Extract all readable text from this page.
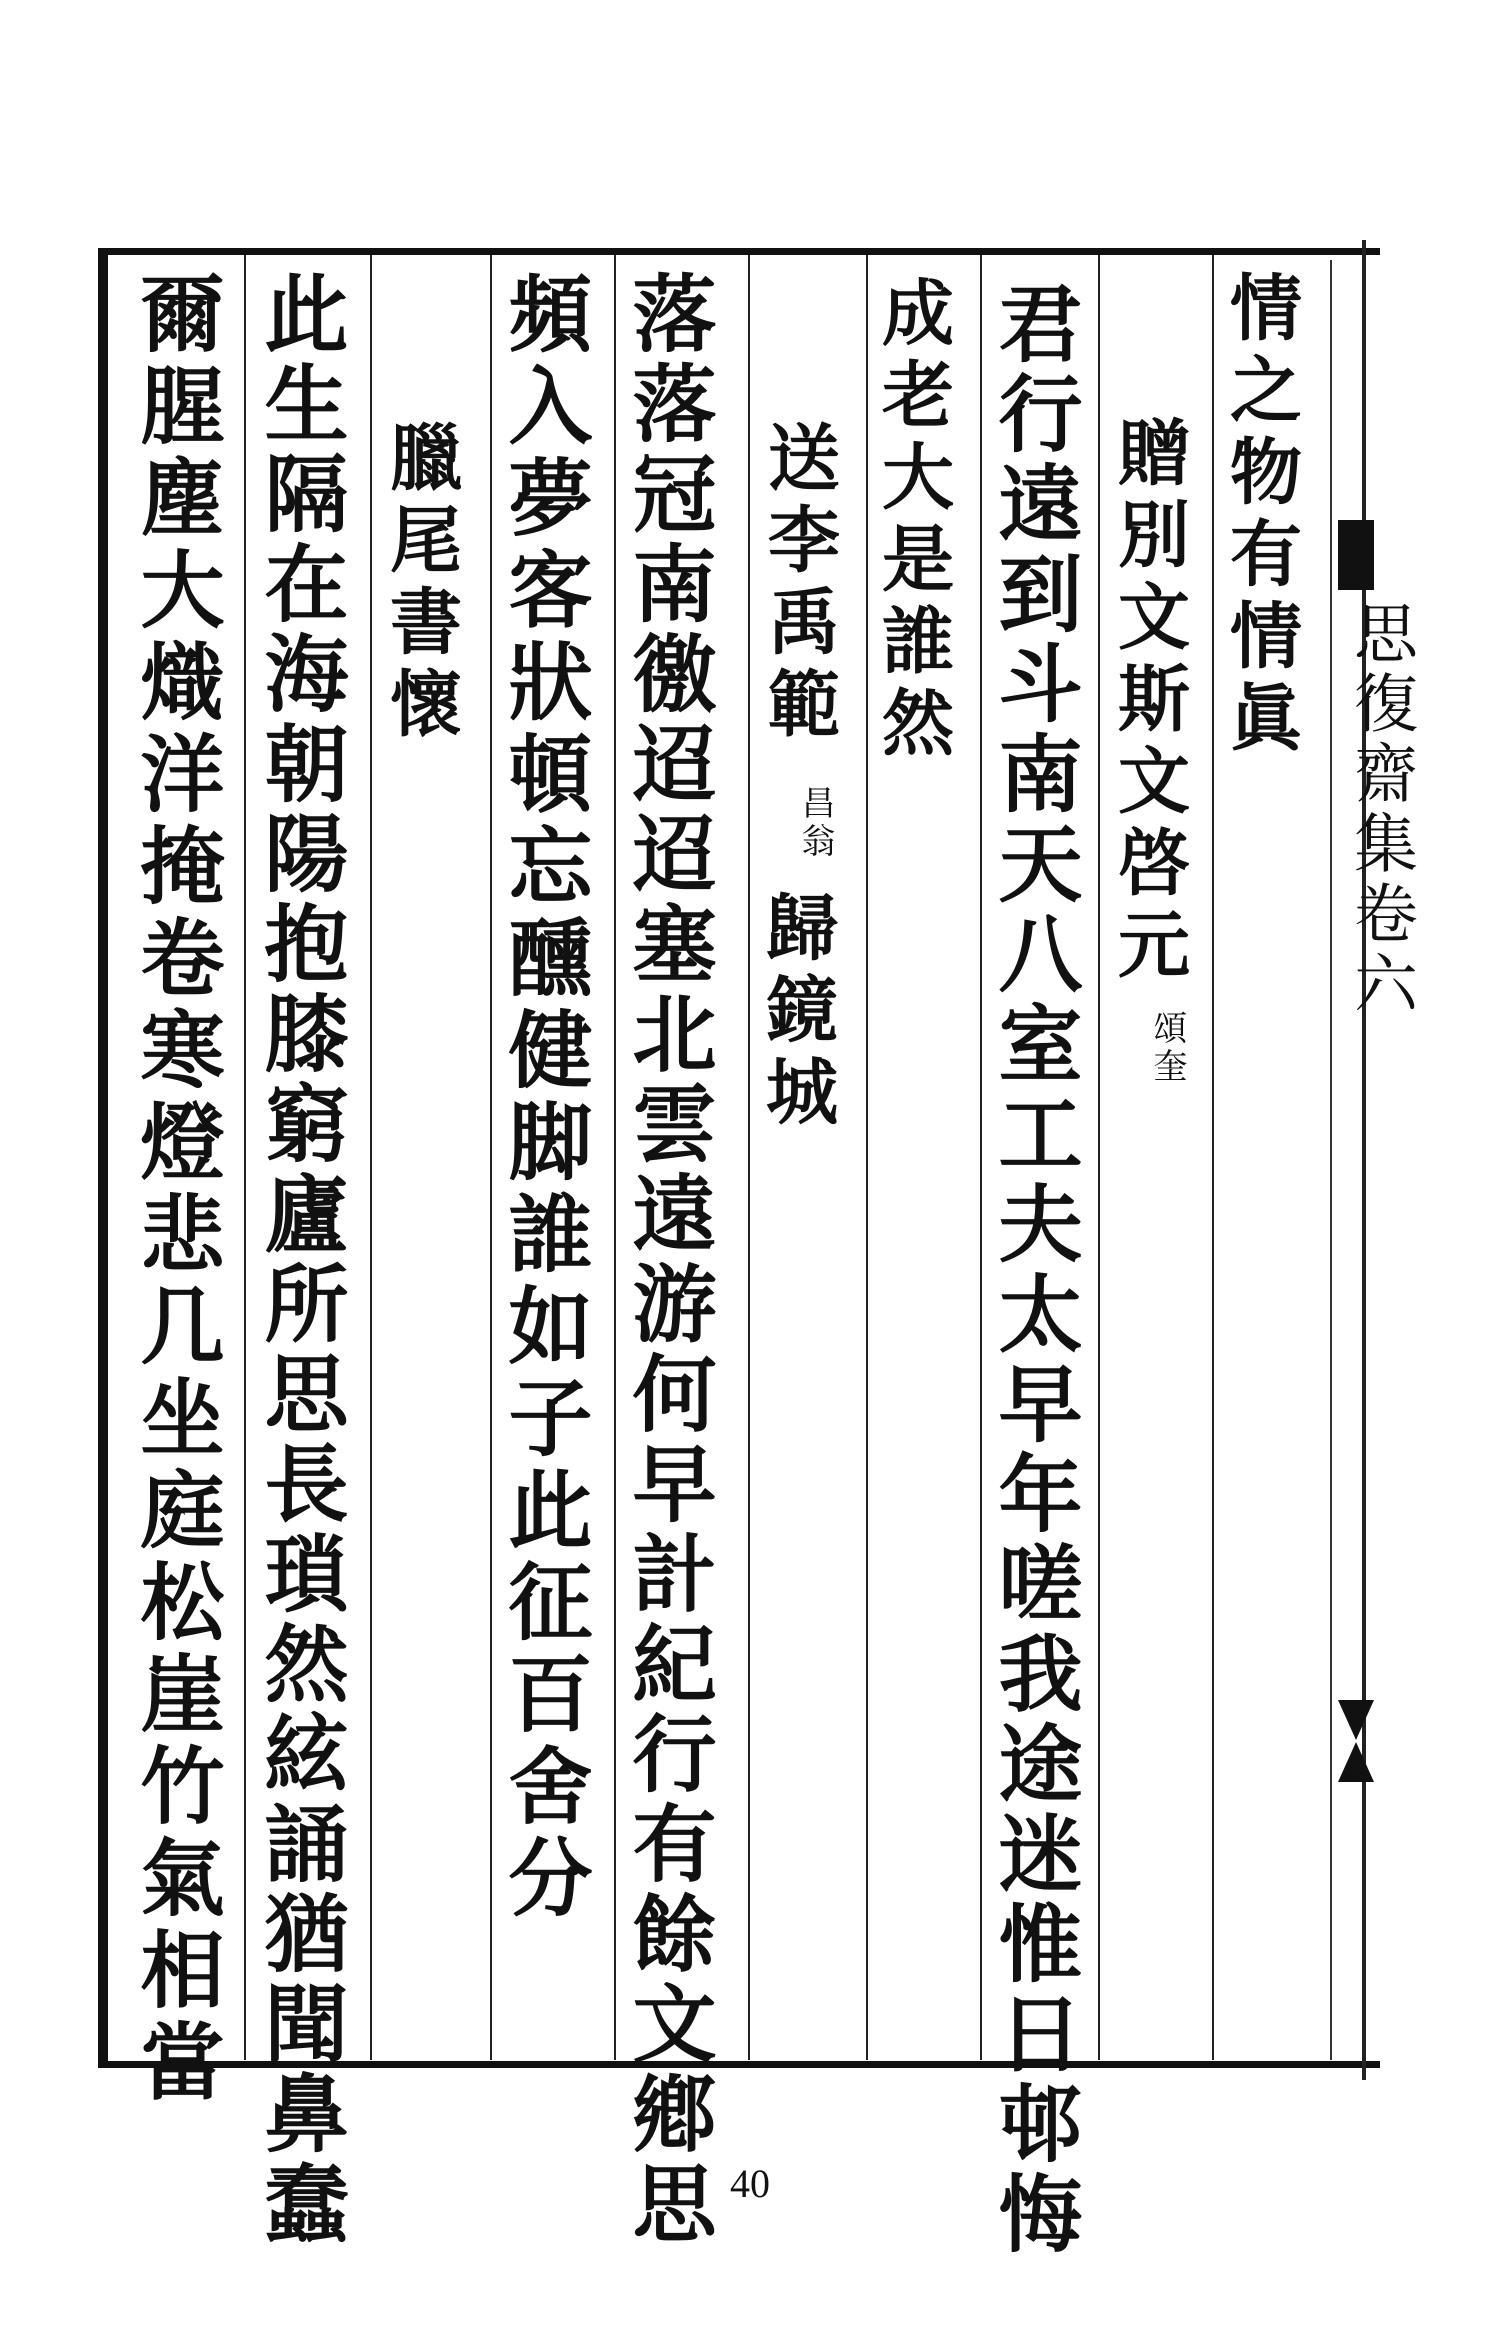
思復齋集卷六
情之物有情眞
贈別文斯文啓元
頌奎
君行遠到斗南天八室工夫太早年嗟我途迷惟日邨悔
成老大是誰然
送李禹範
昌翁
歸鏡城
落落冠南徼迢迢塞北雲遠游何早計紀行有餘文鄕思
頻入夢客狀頓忘醺健脚誰如子此征百舍分
臘尾書懷
此生隔在海朝陽抱膝窮廬所思長瑣然絃誦猶聞鼻蠢
爾腥塵大熾洋掩卷寒燈悲几坐庭松崖竹氣相當
40
